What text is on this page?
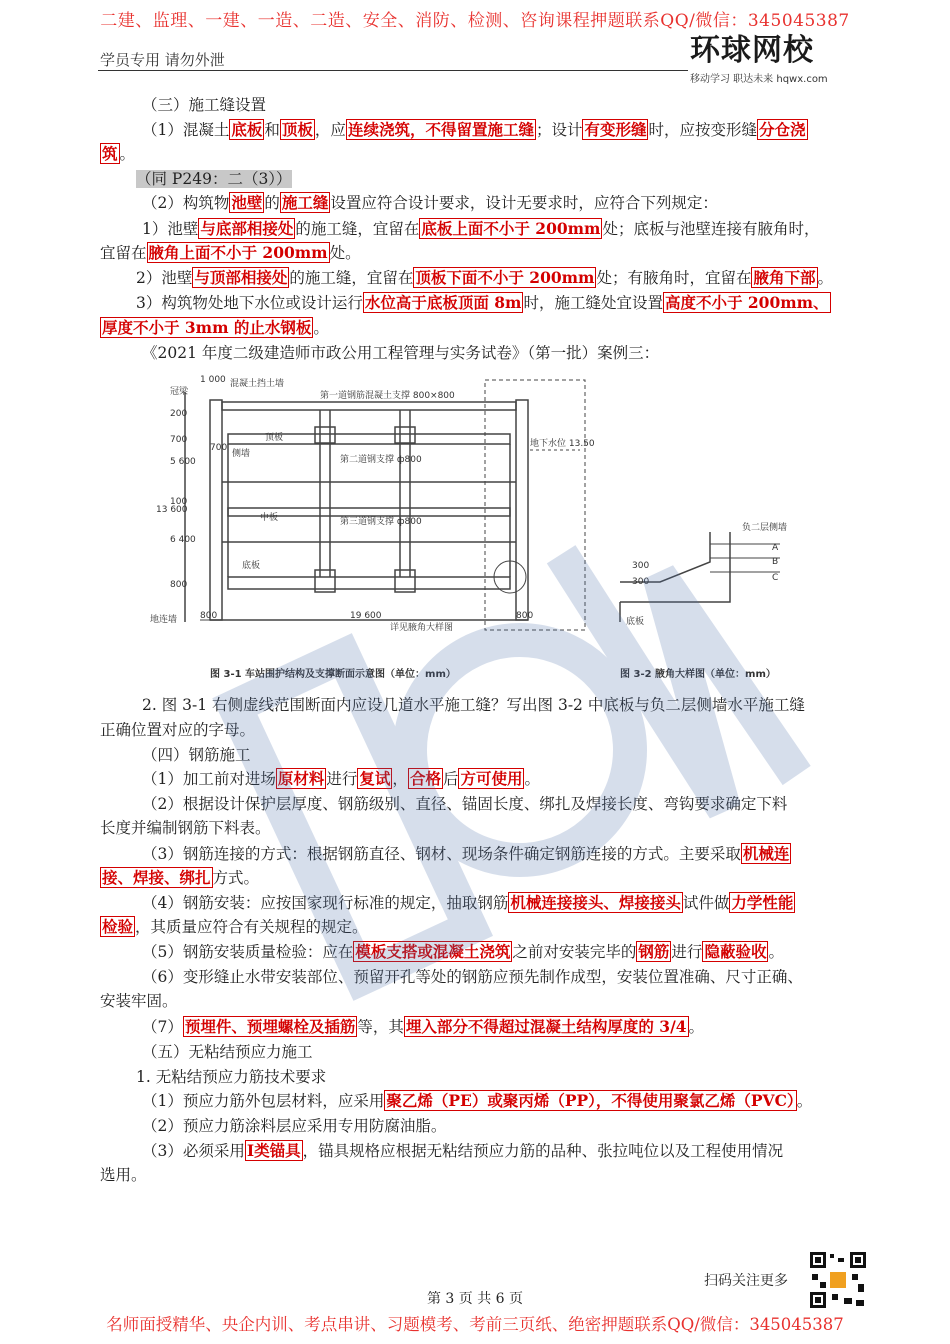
二建、监理、一建、一造、二造、安全、消防、检测、咨询课程押题联系QQ/微信：345045387
学员专用 请勿外泄	环球网校
移动学习 职达未来 hqwx.com
（三）施工缝设置
（1）混凝土 底板 和 顶板 ，应 连续浇筑，不得留置施工缝 ；设计 有变形缝 时，应按变形缝 分仓浇
筑 。
（同 P249：二（3））
（2）构筑物 池壁 的 施工缝 设置应符合设计要求，设计无要求时，应符合下列规定：
1）池壁 与底部相接处 的施工缝，宜留在 底板上面不小于 200mm 处；底板与池壁连接有腋角时，
宜留在 腋角上面不小于 200mm 处。
2）池壁 与顶部相接处 的施工缝，宜留在 顶板下面不小于 200mm 处；有腋角时，宜留在 腋角下部 。
3）构筑物处地下水位或设计运行 水位高于底板顶面 8m 时，施工缝处宜设置 高度不小于 200mm、
厚度不小于 3mm 的止水钢板 。
《2021 年度二级建造师市政公用工程管理与实务试卷》（第一批）案例三：
1 000
冠梁
混凝土挡土墙
第一道钢筋混凝土支撑 800×800
200
700
700
5 600
100
6 400
800
13 600
顶板
侧墙
第二道钢支撑 ф800
中板	第三道钢支撑 ф800
底板
地下水位 13.50
地连墙	800	19 600	800
详见腋角大样图
负二层侧墙
A
B
C
300
300
底板
图 3-1 车站围护结构及支撑断面示意图（单位：mm）	图 3-2 腋角大样图（单位：mm）
2. 图 3-1 右侧虚线范围断面内应设几道水平施工缝？写出图 3-2 中底板与负二层侧墙水平施工缝
正确位置对应的字母。
（四）钢筋施工
（1）加工前对进场 原材料 进行 复试 ， 合格 后 方可使用 。
（2）根据设计保护层厚度、钢筋级别、直径、锚固长度、绑扎及焊接长度、弯钩要求确定下料
长度并编制钢筋下料表。
（3）钢筋连接的方式：根据钢筋直径、钢材、现场条件确定钢筋连接的方式。主要采取 机械连
接、焊接、绑扎 方式。
（4）钢筋安装：应按国家现行标准的规定，抽取钢筋 机械连接接头、焊接接头 试件做 力学性能
检验 ，其质量应符合有关规程的规定。
（5）钢筋安装质量检验：应在 模板支搭或混凝土浇筑 之前对安装完毕的 钢筋 进行 隐蔽验收 。
（6）变形缝止水带安装部位、预留开孔等处的钢筋应预先制作成型，安装位置准确、尺寸正确、
安装牢固。
（7） 预埋件、预埋螺栓及插筋 等，其 埋入部分不得超过混凝土结构厚度的 3/4 。
（五）无粘结预应力施工
1. 无粘结预应力筋技术要求
（1）预应力筋外包层材料，应采用 聚乙烯（PE）或聚丙烯（PP），不得使用聚氯乙烯（PVC） 。
（2）预应力筋涂料层应采用专用防腐油脂。
（3）必须采用 Ⅰ类锚具 ，锚具规格应根据无粘结预应力筋的品种、张拉吨位以及工程使用情况
选用。
扫码关注更多
第 3 页 共 6 页
名师面授精华、央企内训、考点串讲、习题模考、考前三页纸、绝密押题联系QQ/微信：345045387
